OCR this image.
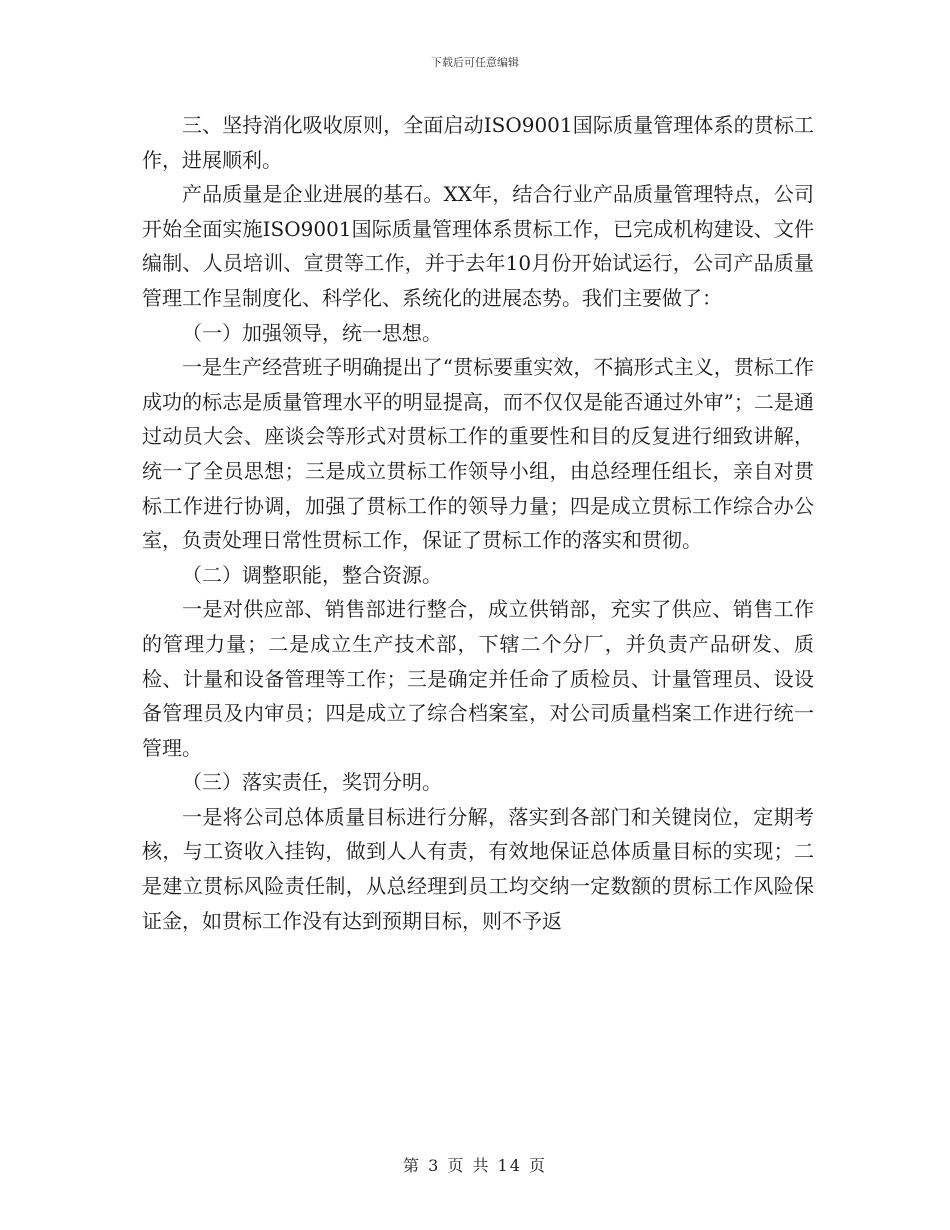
下载后可任意编辑

三、坚持消化吸收原则，全面启动ISO9001国际质量管理体系的贯标工作，进展顺利。

产品质量是企业进展的基石。XX年，结合行业产品质量管理特点，公司开始全面实施ISO9001国际质量管理体系贯标工作，已完成机构建设、文件编制、人员培训、宣贯等工作，并于去年10月份开始试运行，公司产品质量管理工作呈制度化、科学化、系统化的进展态势。我们主要做了：

（一）加强领导，统一思想。

一是生产经营班子明确提出了“贯标要重实效，不搞形式主义，贯标工作成功的标志是质量管理水平的明显提高，而不仅仅是能否通过外审”；二是通过动员大会、座谈会等形式对贯标工作的重要性和目的反复进行细致讲解，统一了全员思想；三是成立贯标工作领导小组，由总经理任组长，亲自对贯标工作进行协调，加强了贯标工作的领导力量；四是成立贯标工作综合办公室，负责处理日常性贯标工作，保证了贯标工作的落实和贯彻。

（二）调整职能，整合资源。

一是对供应部、销售部进行整合，成立供销部，充实了供应、销售工作的管理力量；二是成立生产技术部，下辖二个分厂，并负责产品研发、质检、计量和设备管理等工作；三是确定并任命了质检员、计量管理员、设设备管理员及内审员；四是成立了综合档案室，对公司质量档案工作进行统一管理。

（三）落实责任，奖罚分明。

一是将公司总体质量目标进行分解，落实到各部门和关键岗位，定期考核，与工资收入挂钩，做到人人有责，有效地保证总体质量目标的实现；二是建立贯标风险责任制，从总经理到员工均交纳一定数额的贯标工作风险保证金，如贯标工作没有达到预期目标，则不予返

第 3 页 共 14 页
